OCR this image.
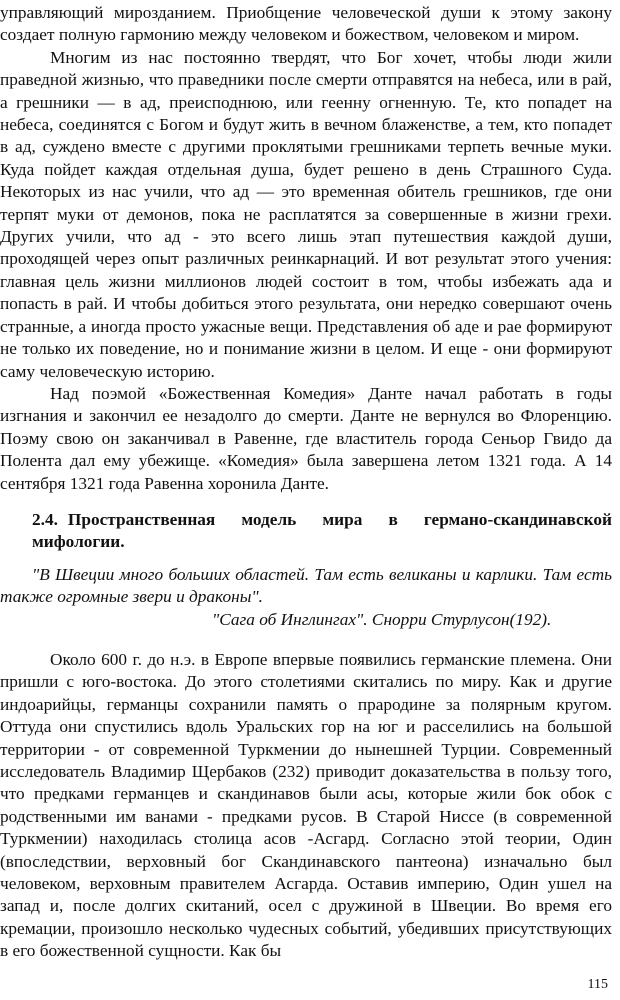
управляющий мирозданием. Приобщение человеческой души к этому закону создает полную гармонию между человеком и божеством, человеком и миром.

Многим из нас постоянно твердят, что Бог хочет, чтобы люди жили праведной жизнью, что праведники после смерти отправятся на небеса, или в рай, а грешники — в ад, преисподнюю, или геенну огненную. Те, кто попадет на небеса, соединятся с Богом и будут жить в вечном блаженстве, а тем, кто попадет в ад, суждено вместе с другими проклятыми грешниками терпеть вечные муки. Куда пойдет каждая отдельная душа, будет решено в день Страшного Суда. Некоторых из нас учили, что ад — это временная обитель грешников, где они терпят муки от демонов, пока не расплатятся за совершенные в жизни грехи. Других учили, что ад - это всего лишь этап путешествия каждой души, проходящей через опыт различных реинкарнаций. И вот результат этого учения: главная цель жизни миллионов людей состоит в том, чтобы избежать ада и попасть в рай. И чтобы добиться этого результата, они нередко совершают очень странные, а иногда просто ужасные вещи. Представления об аде и рае формируют не только их поведение, но и понимание жизни в целом. И еще - они формируют саму человеческую историю.

Над поэмой «Божественная Комедия» Данте начал работать в годы изгнания и закончил ее незадолго до смерти. Данте не вернулся во Флоренцию. Поэму свою он заканчивал в Равенне, где властитель города Сеньор Гвидо да Полента дал ему убежище. «Комедия» была завершена летом 1321 года. А 14 сентября 1321 года Равенна хоронила Данте.

2.4. Пространственная модель мира в германо-скандинавской мифологии.

"В Швеции много больших областей. Там есть великаны и карлики. Там есть также огромные звери и драконы".

"Сага об Инглингах". Снорри Стурлусон(192).

Около 600 г. до н.э. в Европе впервые появились германские племена. Они пришли с юго-востока. До этого столетиями скитались по миру. Как и другие индоарийцы, германцы сохранили память о прародине за полярным кругом. Оттуда они спустились вдоль Уральских гор на юг и расселились на большой территории - от современной Туркмении до нынешней Турции. Современный исследователь Владимир Щербаков (232) приводит доказательства в пользу того, что предками германцев и скандинавов были асы, которые жили бок обок с родственными им ванами - предками русов. В Старой Ниссе (в современной Туркмении) находилась столица асов -Асгард. Согласно этой теории, Один (впоследствии, верховный бог Скандинавского пантеона) изначально был человеком, верховным правителем Асгарда. Оставив империю, Один ушел на запад и, после долгих скитаний, осел с дружиной в Швеции. Во время его кремации, произошло несколько чудесных событий, убедивших присутствующих в его божественной сущности. Как бы

115
